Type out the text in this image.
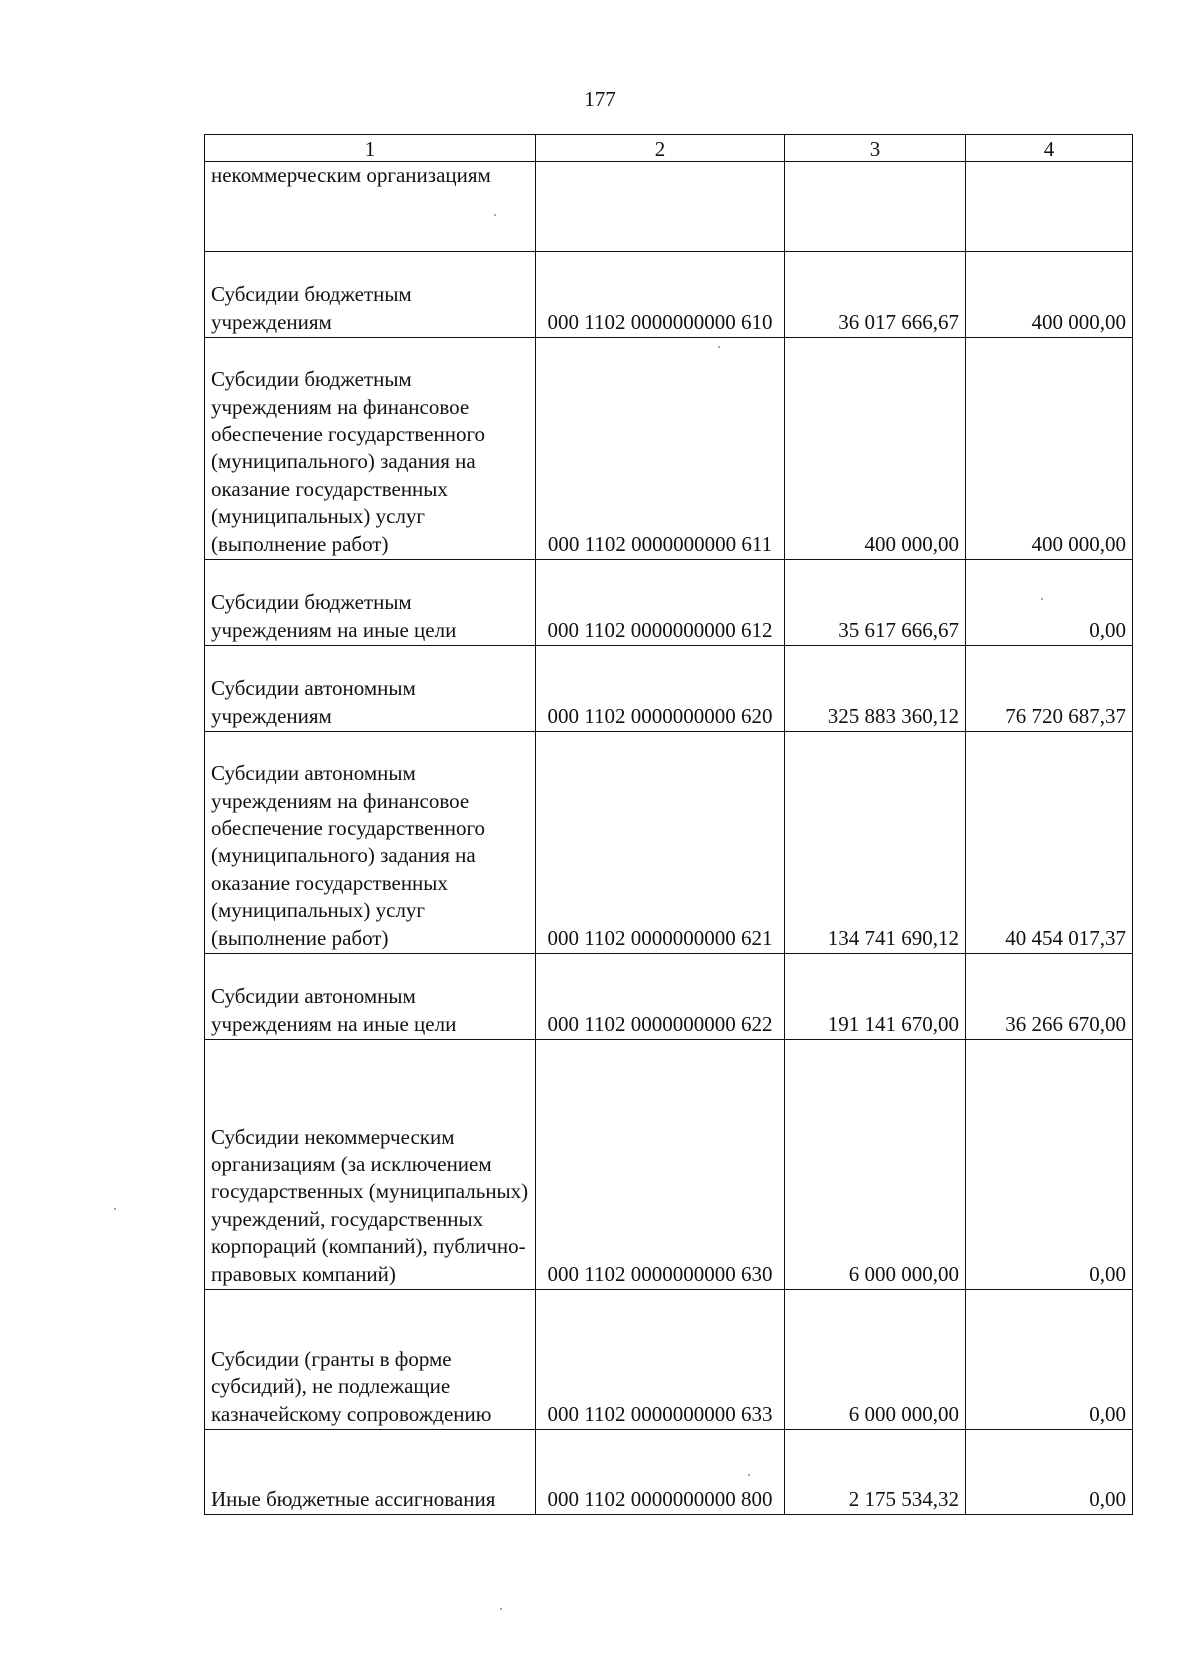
177
1	2	3	4
некоммерческим организациям			
Субсидии бюджетным учреждениям	000 1102 0000000000 610	36 017 666,67	400 000,00
Субсидии бюджетным учреждениям на финансовое обеспечение государственного (муниципального) задания на оказание государственных (муниципальных) услуг (выполнение работ)	000 1102 0000000000 611	400 000,00	400 000,00
Субсидии бюджетным учреждениям на иные цели	000 1102 0000000000 612	35 617 666,67	0,00
Субсидии автономным учреждениям	000 1102 0000000000 620	325 883 360,12	76 720 687,37
Субсидии автономным учреждениям на финансовое обеспечение государственного (муниципального) задания на оказание государственных (муниципальных) услуг (выполнение работ)	000 1102 0000000000 621	134 741 690,12	40 454 017,37
Субсидии автономным учреждениям на иные цели	000 1102 0000000000 622	191 141 670,00	36 266 670,00
Субсидии некоммерческим организациям (за исключением государственных (муниципальных) учреждений, государственных корпораций (компаний), публично-правовых компаний)	000 1102 0000000000 630	6 000 000,00	0,00
Субсидии (гранты в форме субсидий), не подлежащие казначейскому сопровождению	000 1102 0000000000 633	6 000 000,00	0,00
Иные бюджетные ассигнования	000 1102 0000000000 800	2 175 534,32	0,00
